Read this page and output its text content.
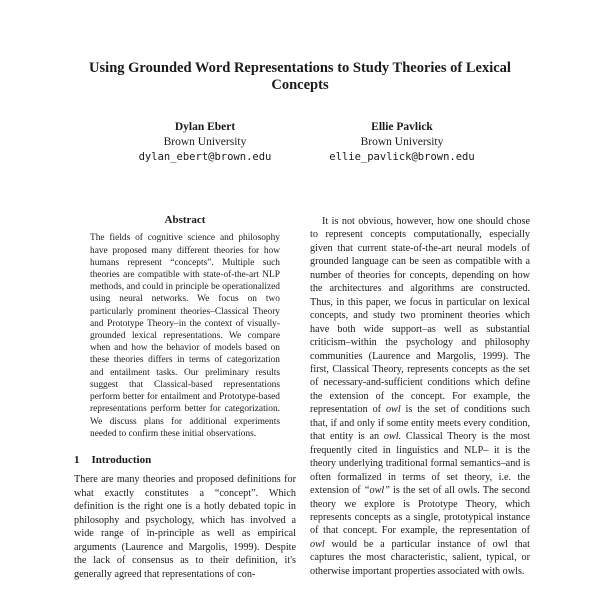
Using Grounded Word Representations to Study Theories of Lexical Concepts
Dylan Ebert
Brown University
dylan_ebert@brown.edu
Ellie Pavlick
Brown University
ellie_pavlick@brown.edu
Abstract

The fields of cognitive science and philosophy have proposed many different theories for how humans represent “concepts”. Multiple such theories are compatible with state-of-the-art NLP methods, and could in principle be operationalized using neural networks. We focus on two particularly prominent theories–Classical Theory and Prototype Theory–in the context of visually-grounded lexical representations. We compare when and how the behavior of models based on these theories differs in terms of categorization and entailment tasks. Our preliminary results suggest that Classical-based representations perform better for entailment and Prototype-based representations perform better for categorization. We discuss plans for additional experiments needed to confirm these initial observations.

1 Introduction

There are many theories and proposed definitions for what exactly constitutes a “concept”. Which definition is the right one is a hotly debated topic in philosophy and psychology, which has involved a wide range of in-principle as well as empirical arguments (Laurence and Margolis, 1999). Despite the lack of consensus as to their definition, it's generally agreed that representations of con-

It is not obvious, however, how one should chose to represent concepts computationally, especially given that current state-of-the-art neural models of grounded language can be seen as compatible with a number of theories for concepts, depending on how the architectures and algorithms are constructed. Thus, in this paper, we focus in particular on lexical concepts, and study two prominent theories which have both wide support–as well as substantial criticism–within the psychology and philosophy communities (Laurence and Margolis, 1999). The first, Classical Theory, represents concepts as the set of necessary-and-sufficient conditions which define the extension of the concept. For example, the representation of owl is the set of conditions such that, if and only if some entity meets every condition, that entity is an owl. Classical Theory is the most frequently cited in linguistics and NLP– it is the theory underlying traditional formal semantics–and is often formalized in terms of set theory, i.e. the extension of “owl” is the set of all owls. The second theory we explore is Prototype Theory, which represents concepts as a single, prototypical instance of that concept. For example, the representation of owl would be a particular instance of owl that captures the most characteristic, salient, typical, or otherwise important properties associated with owls.
